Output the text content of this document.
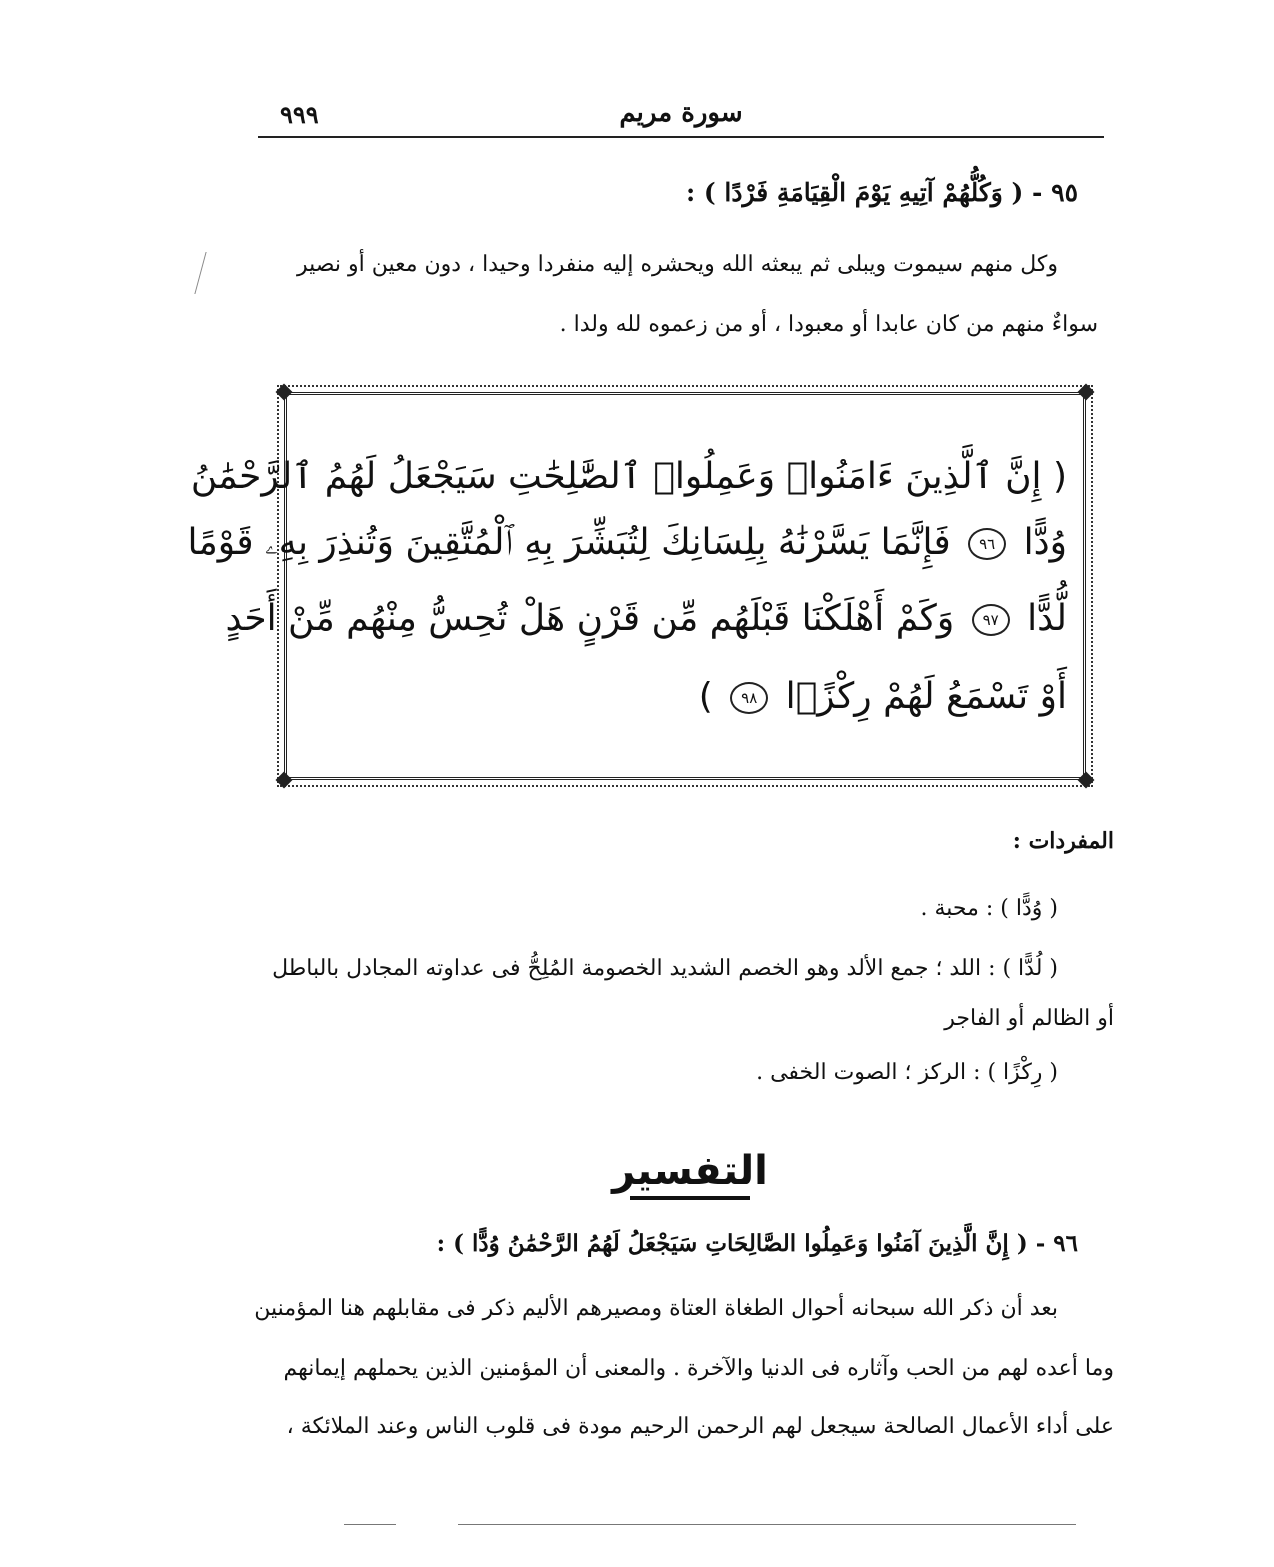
سورة مريم
٩٩٩
٩٥ - ( وَكُلُّهُمْ آتِيهِ يَوْمَ الْقِيَامَةِ فَرْدًا ) :
وكل منهم سيموت ويبلى ثم يبعثه الله ويحشره إليه منفردا وحيدا ، دون معين أو نصير
سواءٌ منهم من كان عابدا أو معبودا ، أو من زعموه لله ولدا .
( إِنَّ ٱلَّذِينَ ءَامَنُوا۟ وَعَمِلُوا۟ ٱلصَّٰلِحَٰتِ سَيَجْعَلُ لَهُمُ ٱلرَّحْمَٰنُ
وُدًّا ٩٦ فَإِنَّمَا يَسَّرْنَٰهُ بِلِسَانِكَ لِتُبَشِّرَ بِهِ ٱلْمُتَّقِينَ وَتُنذِرَ بِهِۦ قَوْمًا
لُّدًّا ٩٧ وَكَمْ أَهْلَكْنَا قَبْلَهُم مِّن قَرْنٍ هَلْ تُحِسُّ مِنْهُم مِّنْ أَحَدٍ
أَوْ تَسْمَعُ لَهُمْ رِكْزًۢا ٩٨ )
المفردات :
( وُدًّا ) : محبة .
( لُدًّا ) : اللد ؛ جمع الألد وهو الخصم الشديد الخصومة المُلِحُّ فى عداوته المجادل بالباطل
أو الظالم أو الفاجر
( رِكْزًا ) : الركز ؛ الصوت الخفى .
التفسير
٩٦ - ( إِنَّ الَّذِينَ آمَنُوا وَعَمِلُوا الصَّالِحَاتِ سَيَجْعَلُ لَهُمُ الرَّحْمَٰنُ وُدًّا ) :
بعد أن ذكر الله سبحانه أحوال الطغاة العتاة ومصيرهم الأليم ذكر فى مقابلهم هنا المؤمنين
وما أعده لهم من الحب وآثاره فى الدنيا والآخرة . والمعنى أن المؤمنين الذين يحملهم إيمانهم
على أداء الأعمال الصالحة سيجعل لهم الرحمن الرحيم مودة فى قلوب الناس وعند الملائكة ،
